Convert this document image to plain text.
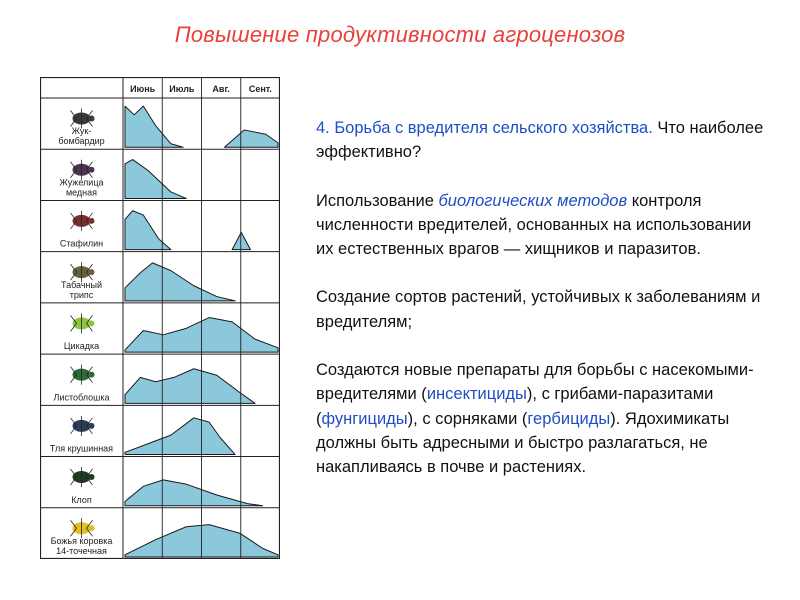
Повышение продуктивности агроценозов
Июнь Июль Авг. Сент.
Жук-
бомбардир
Жужелица
медная
Стафилин
Табачный
трипс
Цикадка
Листоблошка
Тля крушинная
Клоп
Божья коровка
14-точечная

4. Борьба с вредителя сельского хозяйства. Что наиболее эффективно?

Использование биологических методов контроля численности вредителей, основанных на использовании их естественных врагов — хищников и паразитов.

Создание сортов растений, устойчивых к заболеваниям и вредителям;

Создаются новые препараты для борьбы с насекомыми-вредителями (инсектициды), с грибами-паразитами (фунгициды), с сорняками (гербициды). Ядохимикаты должны быть адресными и быстро разлагаться, не накапливаясь в почве и растениях.
